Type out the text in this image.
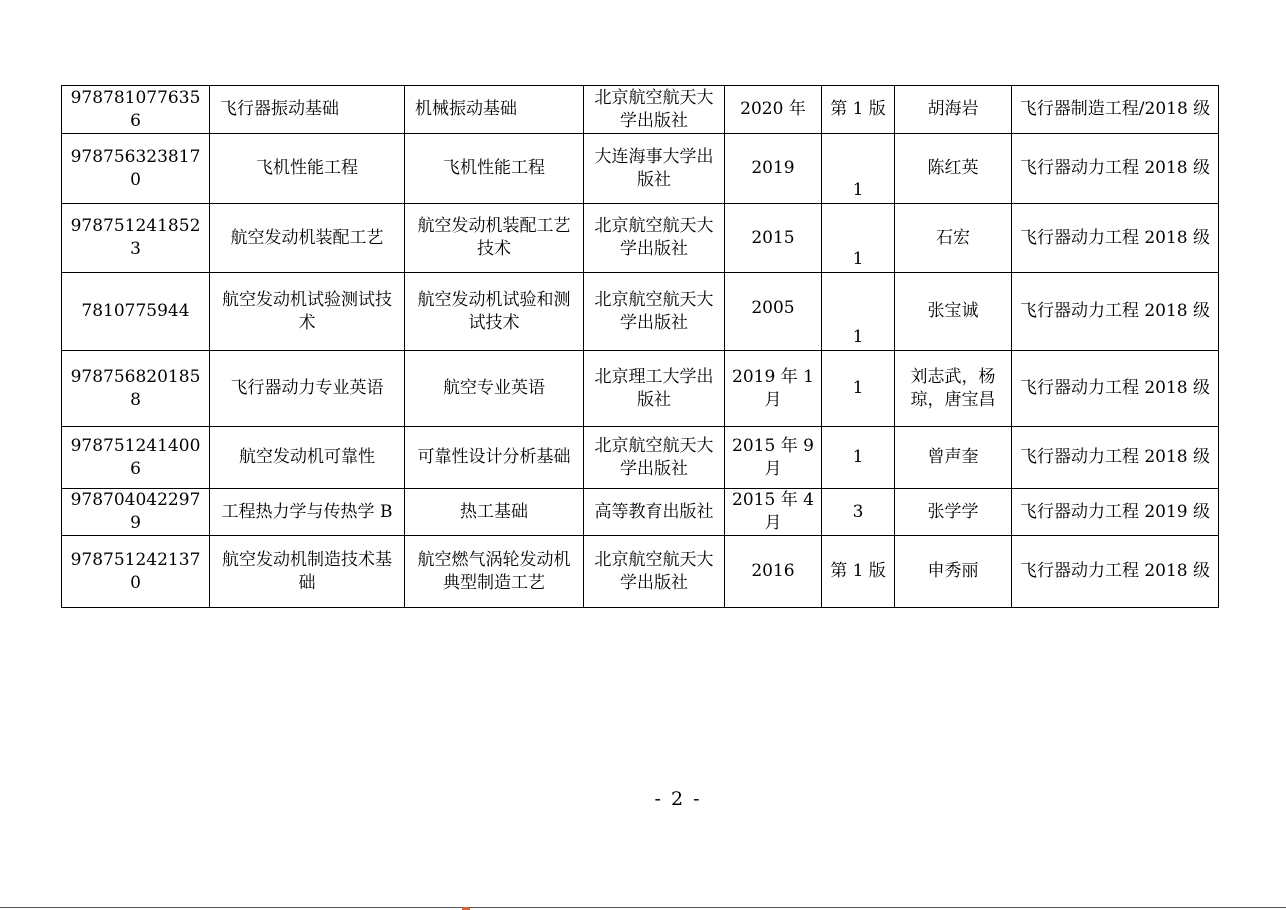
9787810776356	飞行器振动基础	机械振动基础	北京航空航天大学出版社	2020 年	第 1 版	胡海岩	飞行器制造工程/2018 级
9787563238170	飞机性能工程	飞机性能工程	大连海事大学出版社	2019	1	陈红英	飞行器动力工程 2018 级
9787512418523	航空发动机装配工艺	航空发动机装配工艺技术	北京航空航天大学出版社	2015	1	石宏	飞行器动力工程 2018 级
7810775944	航空发动机试验测试技术	航空发动机试验和测试技术	北京航空航天大学出版社	2005	1	张宝诚	飞行器动力工程 2018 级
9787568201858	飞行器动力专业英语	航空专业英语	北京理工大学出版社	2019 年 1 月	1	刘志武，杨琼，唐宝昌	飞行器动力工程 2018 级
9787512414006	航空发动机可靠性	可靠性设计分析基础	北京航空航天大学出版社	2015 年 9 月	1	曾声奎	飞行器动力工程 2018 级
9787040422979	工程热力学与传热学 B	热工基础	高等教育出版社	2015 年 4 月	3	张学学	飞行器动力工程 2019 级
9787512421370	航空发动机制造技术基础	航空燃气涡轮发动机典型制造工艺	北京航空航天大学出版社	2016	第 1 版	申秀丽	飞行器动力工程 2018 级
- 2 -
